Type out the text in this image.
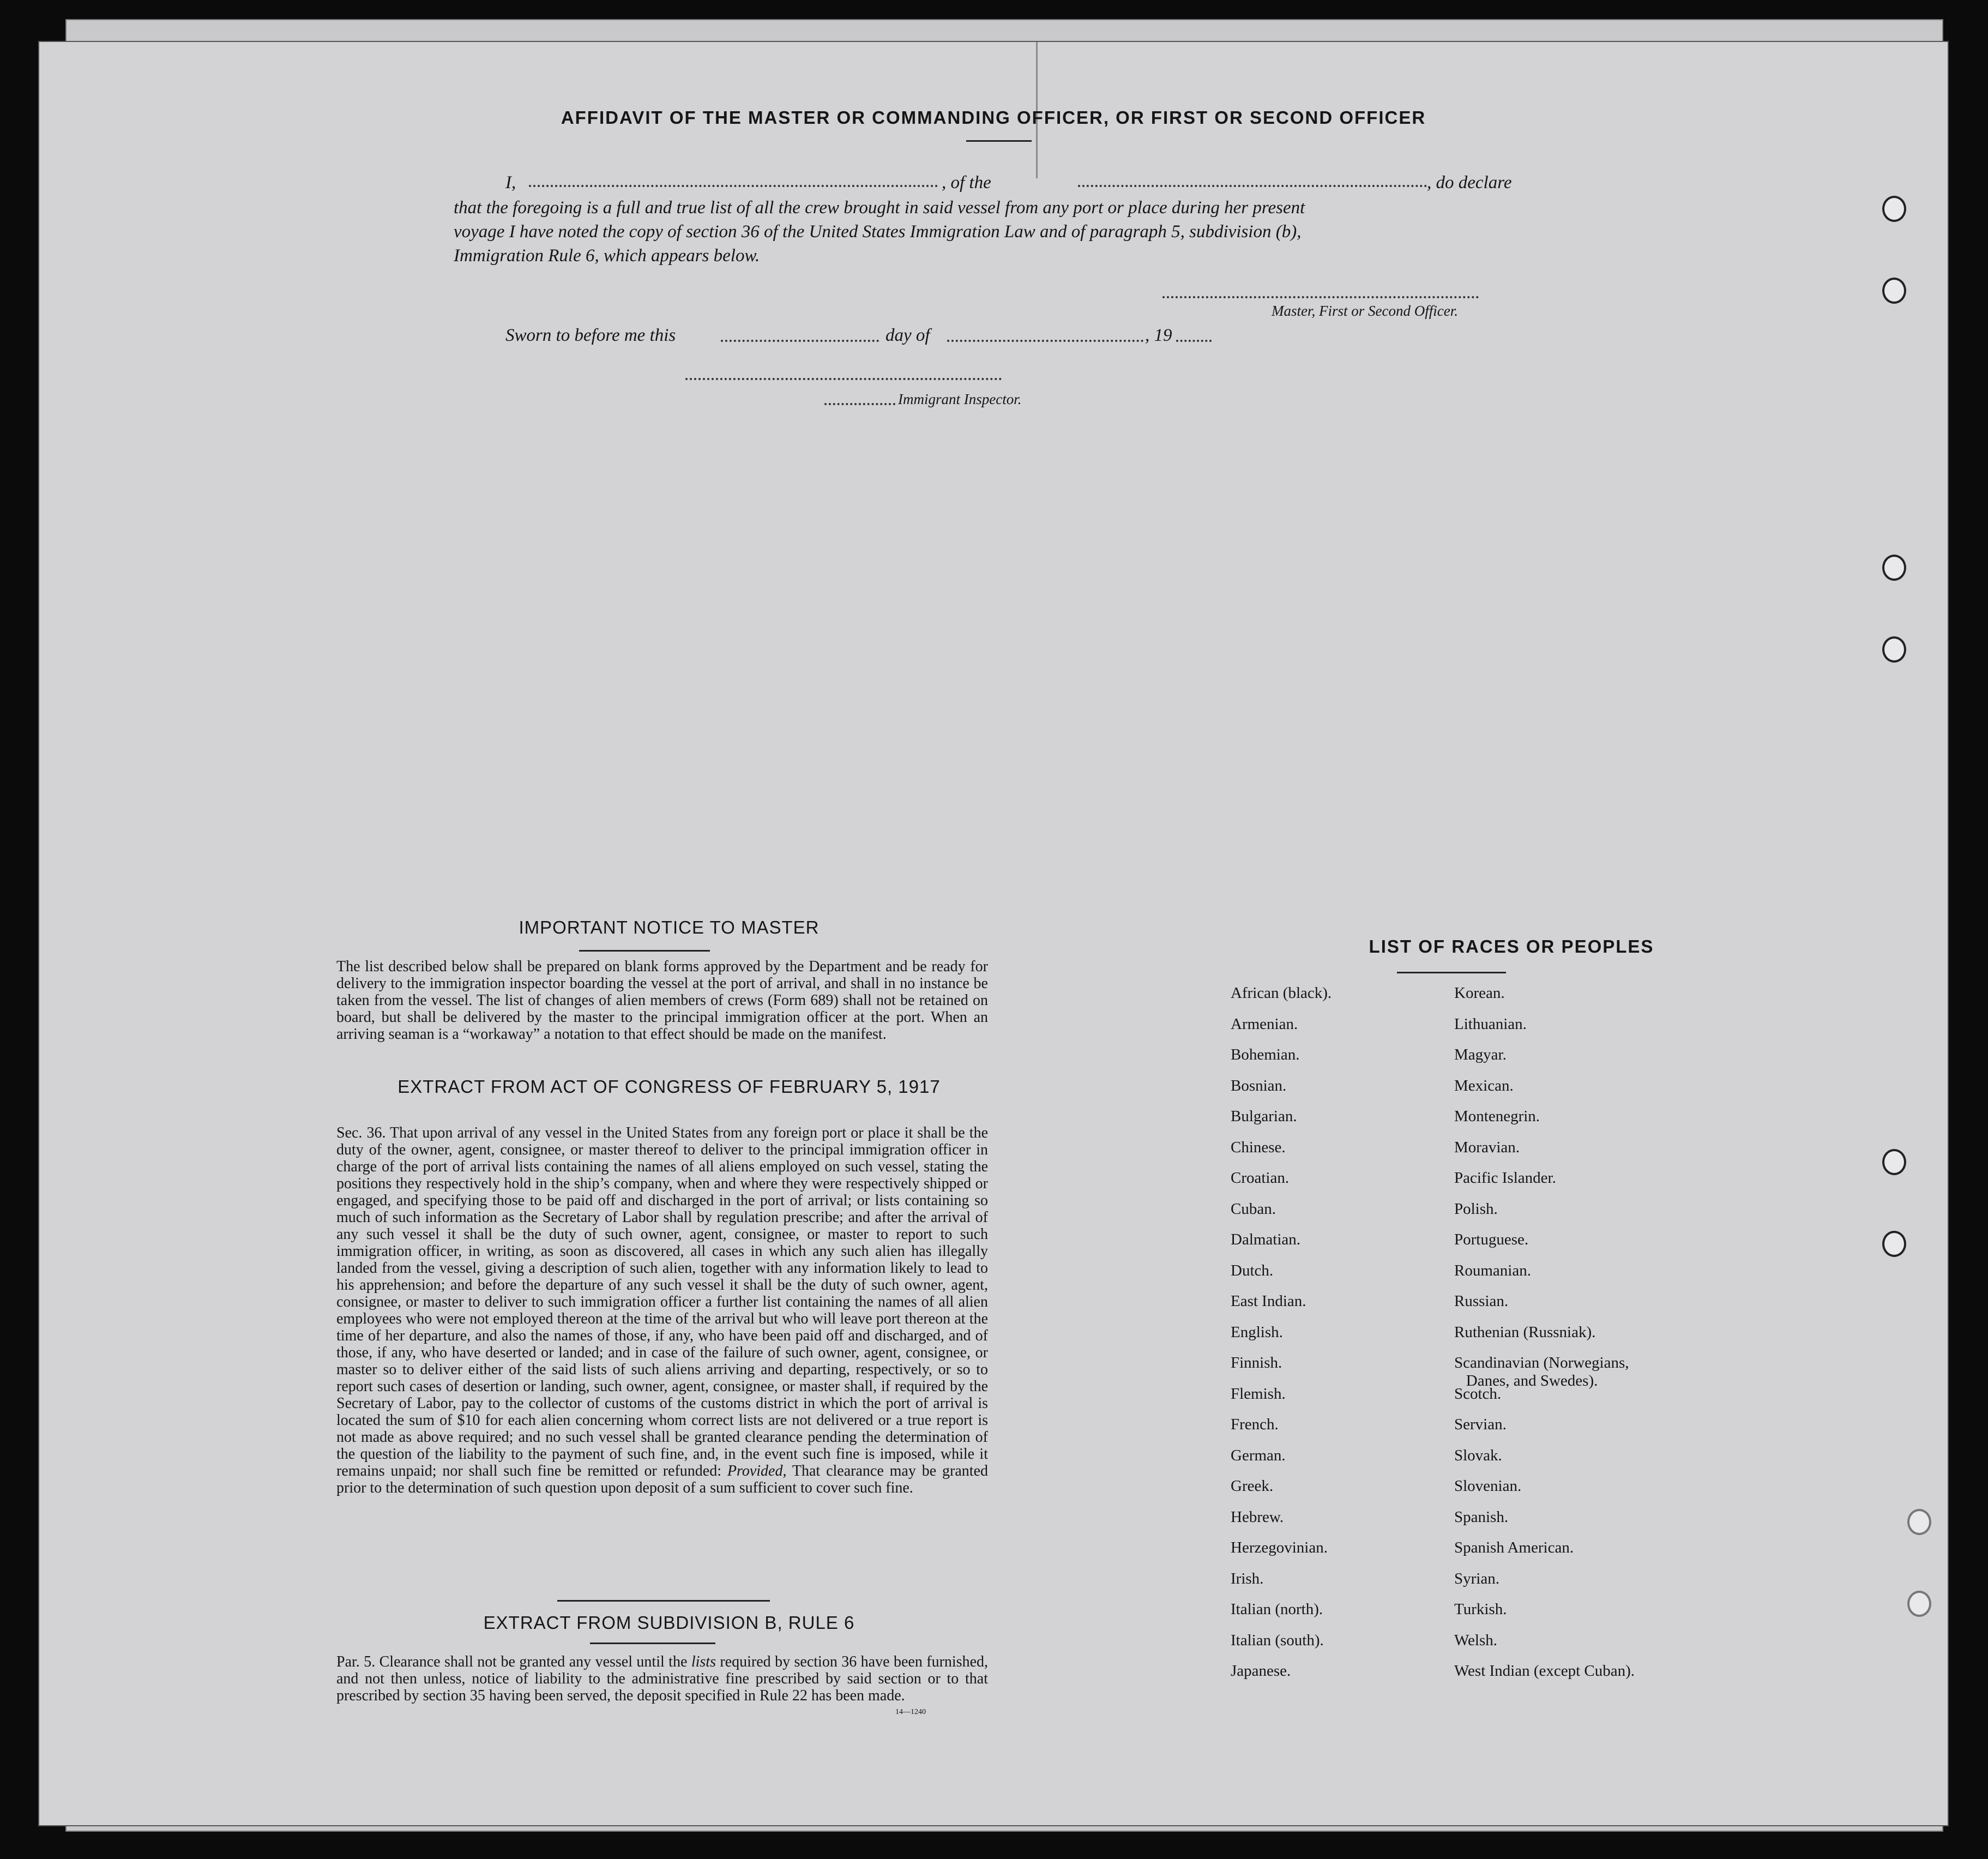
AFFIDAVIT OF THE MASTER OR COMMANDING OFFICER, OR FIRST OR SECOND OFFICER
I,	, of the	, do declare
that the foregoing is a full and true list of all the crew brought in said vessel from any port or place during her present
voyage I have noted the copy of section 36 of the United States Immigration Law and of paragraph 5, subdivision (b),
Immigration Rule 6, which appears below.
Master, First or Second Officer.
Sworn to before me this	day of	, 19
Immigrant Inspector.
IMPORTANT NOTICE TO MASTER
The list described below shall be prepared on blank forms approved by the Department and be ready for delivery to the immigration inspector boarding the vessel at the port of arrival, and shall in no instance be taken from the vessel. The list of changes of alien members of crews (Form 689) shall not be retained on board, but shall be delivered by the master to the principal immigration officer at the port. When an arriving seaman is a “workaway” a notation to that effect should be made on the manifest.
EXTRACT FROM ACT OF CONGRESS OF FEBRUARY 5, 1917
Sec. 36. That upon arrival of any vessel in the United States from any foreign port or place it shall be the duty of the owner, agent, consignee, or master thereof to deliver to the principal immigration officer in charge of the port of arrival lists containing the names of all aliens employed on such vessel, stating the positions they respectively hold in the ship’s company, when and where they were respectively shipped or engaged, and specifying those to be paid off and discharged in the port of arrival; or lists containing so much of such information as the Secretary of Labor shall by regulation prescribe; and after the arrival of any such vessel it shall be the duty of such owner, agent, consignee, or master to report to such immigration officer, in writing, as soon as discovered, all cases in which any such alien has illegally landed from the vessel, giving a description of such alien, together with any information likely to lead to his apprehension; and before the departure of any such vessel it shall be the duty of such owner, agent, consignee, or master to deliver to such immigration officer a further list containing the names of all alien employees who were not employed thereon at the time of the arrival but who will leave port thereon at the time of her departure, and also the names of those, if any, who have been paid off and discharged, and of those, if any, who have deserted or landed; and in case of the failure of such owner, agent, consignee, or master so to deliver either of the said lists of such aliens arriving and departing, respectively, or so to report such cases of desertion or landing, such owner, agent, consignee, or master shall, if required by the Secretary of Labor, pay to the collector of customs of the customs district in which the port of arrival is located the sum of $10 for each alien concerning whom correct lists are not delivered or a true report is not made as above required; and no such vessel shall be granted clearance pending the determination of the question of the liability to the payment of such fine, and, in the event such fine is imposed, while it remains unpaid; nor shall such fine be remitted or refunded: Provided, That clearance may be granted prior to the determination of such question upon deposit of a sum sufficient to cover such fine.
EXTRACT FROM SUBDIVISION B, RULE 6
Par. 5. Clearance shall not be granted any vessel until the lists required by section 36 have been furnished, and not then unless, notice of liability to the administrative fine prescribed by said section or to that prescribed by section 35 having been served, the deposit specified in Rule 22 has been made.
14—1240
LIST OF RACES OR PEOPLES
African (black).
Armenian.
Bohemian.
Bosnian.
Bulgarian.
Chinese.
Croatian.
Cuban.
Dalmatian.
Dutch.
East Indian.
English.
Finnish.
Flemish.
French.
German.
Greek.
Hebrew.
Herzegovinian.
Irish.
Italian (north).
Italian (south).
Japanese.
Korean.
Lithuanian.
Magyar.
Mexican.
Montenegrin.
Moravian.
Pacific Islander.
Polish.
Portuguese.
Roumanian.
Russian.
Ruthenian (Russniak).
Scandinavian (Norwegians,
Danes, and Swedes).
Scotch.
Servian.
Slovak.
Slovenian.
Spanish.
Spanish American.
Syrian.
Turkish.
Welsh.
West Indian (except Cuban).
